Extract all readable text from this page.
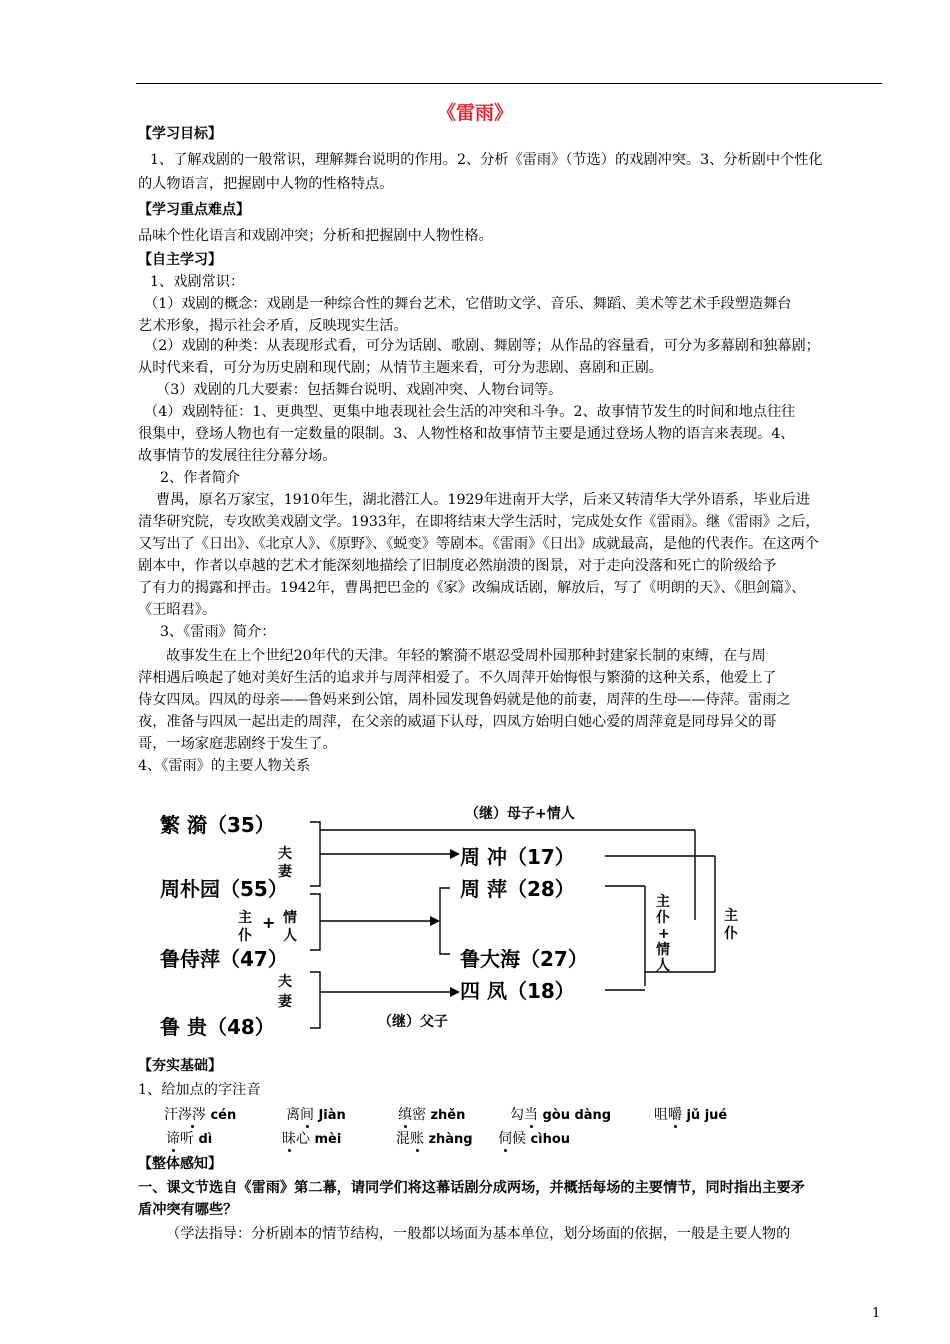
《雷雨》
【学习目标】
1、了解戏剧的一般常识，理解舞台说明的作用。2、分析《雷雨》（节选）的戏剧冲突。3、分析剧中个性化
的人物语言，把握剧中人物的性格特点。
【学习重点难点】
品味个性化语言和戏剧冲突；分析和把握剧中人物性格。
【自主学习】
1、戏剧常识：
（1）戏剧的概念：戏剧是一种综合性的舞台艺术，它借助文学、音乐、舞蹈、美术等艺术手段塑造舞台
艺术形象，揭示社会矛盾，反映现实生活。
（2）戏剧的种类：从表现形式看，可分为话剧、歌剧、舞剧等；从作品的容量看，可分为多幕剧和独幕剧；
从时代来看，可分为历史剧和现代剧；从情节主题来看，可分为悲剧、喜剧和正剧。
（3）戏剧的几大要素：包括舞台说明、戏剧冲突、人物台词等。
（4）戏剧特征：1、更典型、更集中地表现社会生活的冲突和斗争。2、故事情节发生的时间和地点往往
很集中，登场人物也有一定数量的限制。3、人物性格和故事情节主要是通过登场人物的语言来表现。4、
故事情节的发展往往分幕分场。
2、作者简介
曹禺，原名万家宝，1910年生，湖北潜江人。1929年进南开大学，后来又转清华大学外语系，毕业后进
清华研究院，专攻欧美戏剧文学。1933年，在即将结束大学生活时，完成处女作《雷雨》。继《雷雨》之后，
又写出了《日出》、《北京人》、《原野》、《蜕变》等剧本。《雷雨》《日出》成就最高，是他的代表作。在这两个
剧本中，作者以卓越的艺术才能深刻地描绘了旧制度必然崩溃的图景，对于走向没落和死亡的阶级给予
了有力的揭露和抨击。1942年，曹禺把巴金的《家》改编成话剧，解放后，写了《明朗的天》、《胆剑篇》、
《王昭君》。
3、《雷雨》简介：
故事发生在上个世纪20年代的天津。年轻的繁漪不堪忍受周朴园那种封建家长制的束缚，在与周
萍相遇后唤起了她对美好生活的追求并与周萍相爱了。不久周萍开始悔恨与繁漪的这种关系，他爱上了
侍女四凤。四凤的母亲——鲁妈来到公馆，周朴园发现鲁妈就是他的前妻，周萍的生母——侍萍。雷雨之
夜，准备与四凤一起出走的周萍，在父亲的威逼下认母，四凤方始明白她心爱的周萍竟是同母异父的哥
哥，一场家庭悲剧终于发生了。
4、《雷雨》的主要人物关系
繁 漪（35）
周朴园（55）
鲁侍萍（47）
鲁 贵（48）
周 冲（17）
周 萍（28）
鲁大海（27）
四 凤（18）
（继）母子+情人
（继）父子
夫
妻
主
仆
+ 情
人
夫
妻
主
仆
+
情
人
主
仆
【夯实基础】
1、给加点的字注音
汗涔涔 cén	离间 Jiàn	缜密 zhěn	勾当 gòu dàng	咀嚼 jǔ jué
谛听 dì	昧心 mèi	混账 zhàng 伺候 cìhou
【整体感知】
一、课文节选自《雷雨》第二幕，请同学们将这幕话剧分成两场，并概括每场的主要情节，同时指出主要矛
盾冲突有哪些？
（学法指导：分析剧本的情节结构，一般都以场面为基本单位，划分场面的依据，一般是主要人物的
1
